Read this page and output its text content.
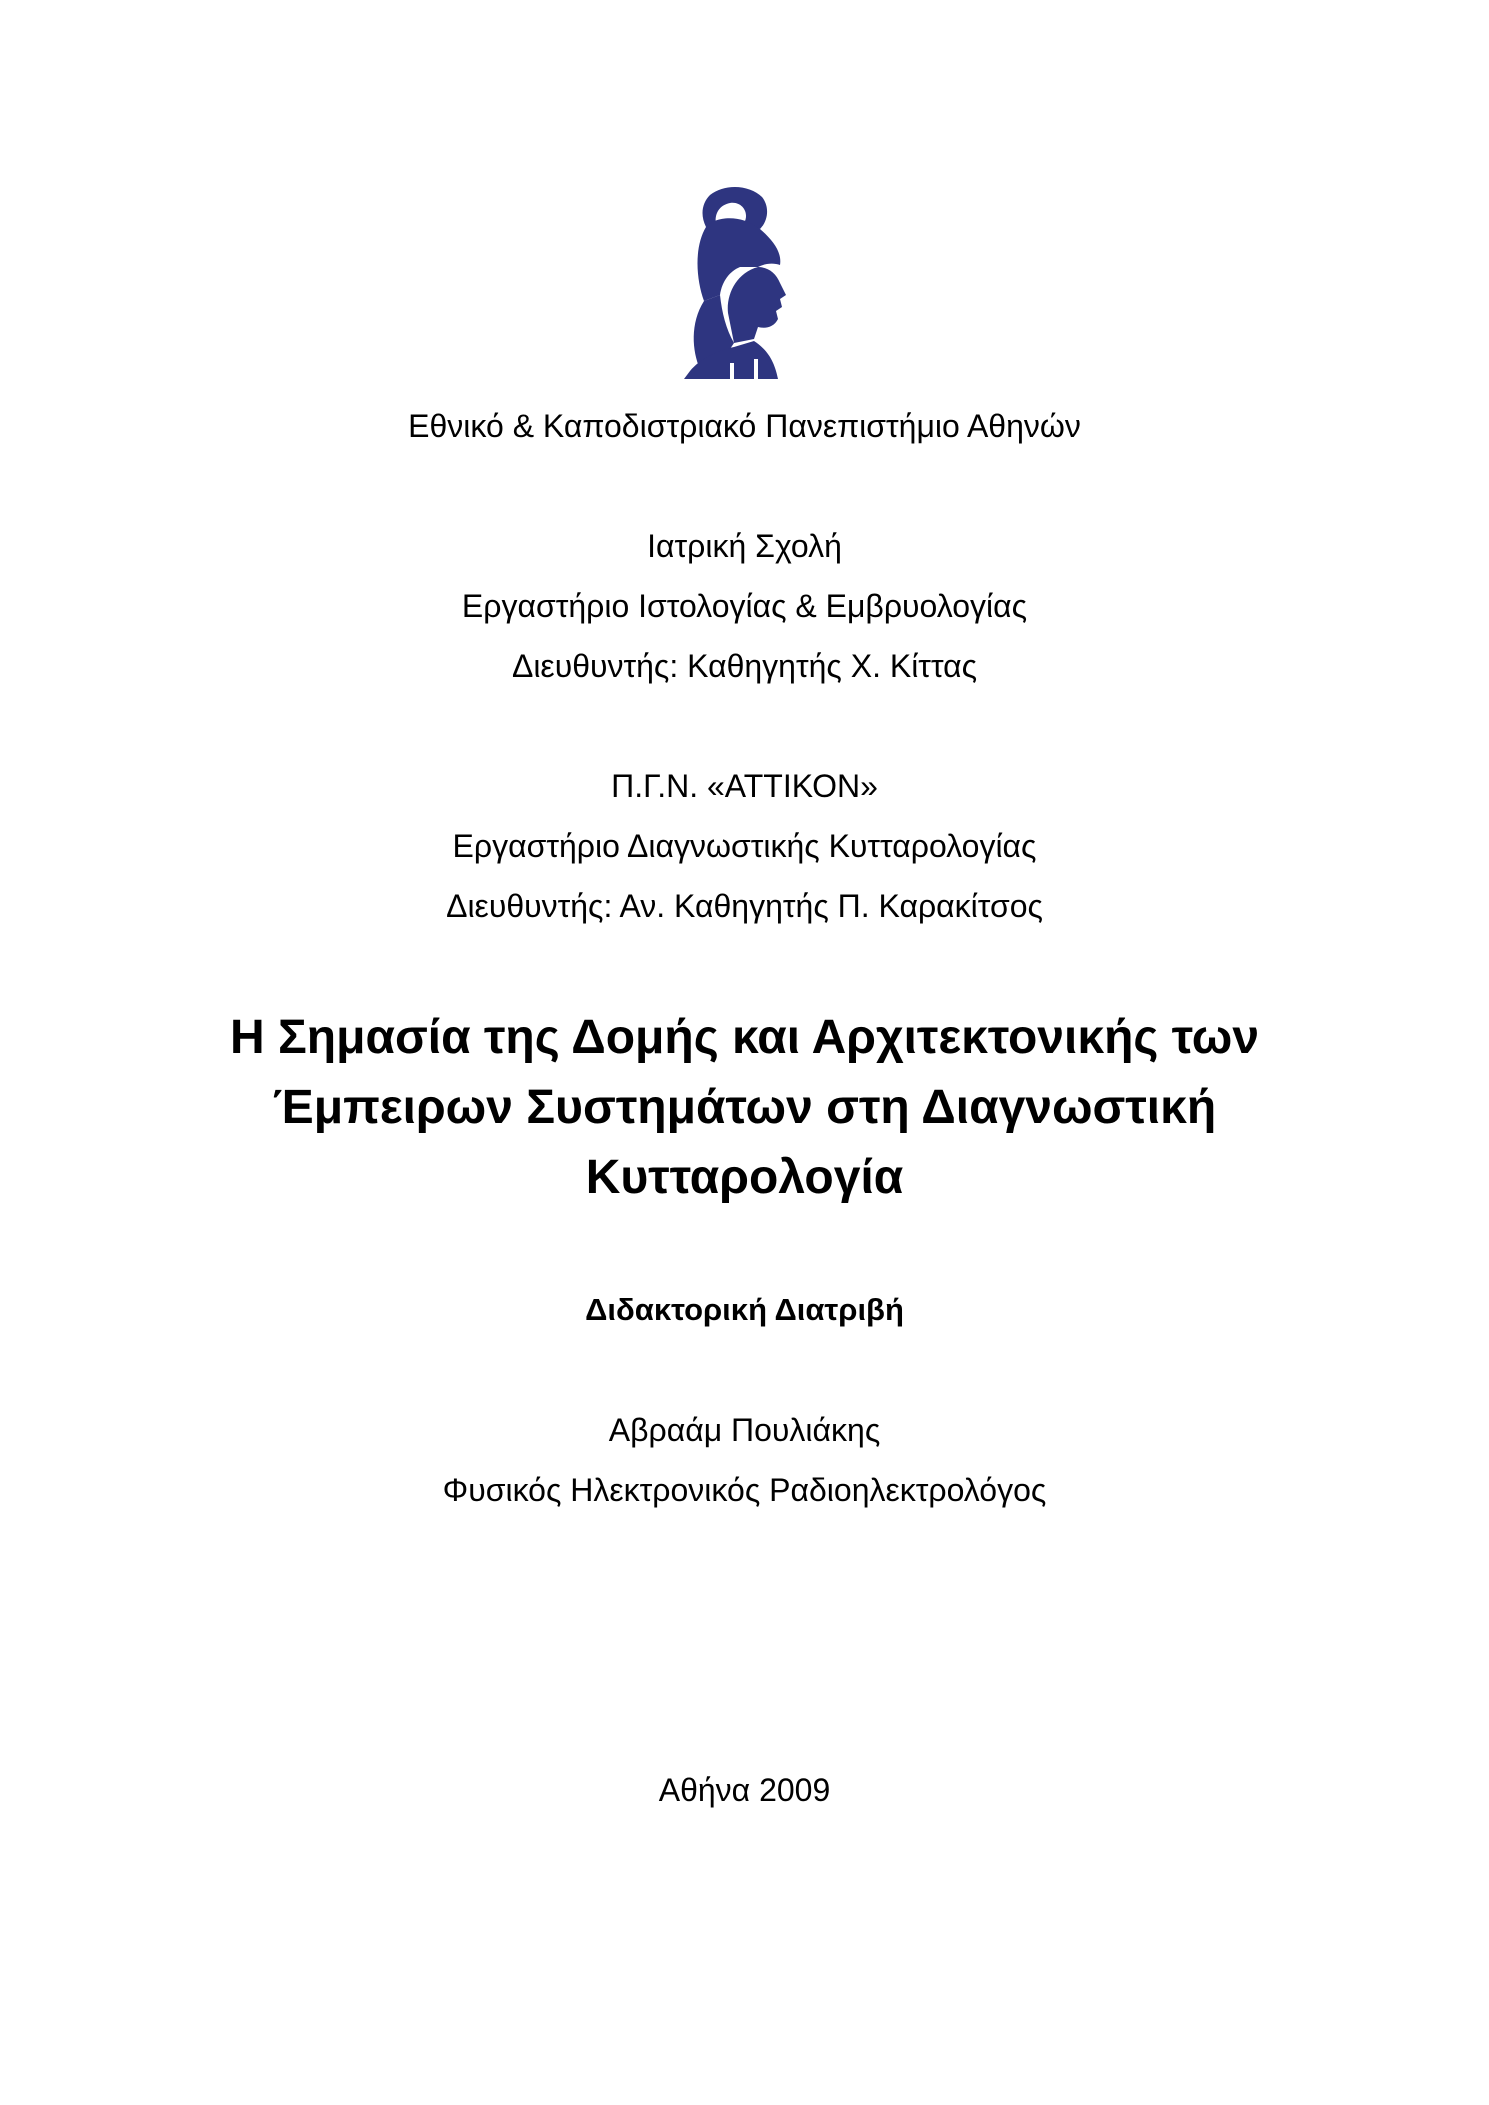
Εθνικό & Καποδιστριακό Πανεπιστήμιο Αθηνών
Ιατρική Σχολή
Εργαστήριο Ιστολογίας & Εμβρυολογίας
Διευθυντής: Καθηγητής Χ. Κίττας
Π.Γ.Ν. «ΑΤΤΙΚΟΝ»
Εργαστήριο Διαγνωστικής Κυτταρολογίας
Διευθυντής: Αν. Καθηγητής Π. Καρακίτσος
Η Σημασία της Δομής και Αρχιτεκτονικής των
Έμπειρων Συστημάτων στη Διαγνωστική
Κυτταρολογία
Διδακτορική Διατριβή
Αβραάμ Πουλιάκης
Φυσικός Ηλεκτρονικός Ραδιοηλεκτρολόγος
Αθήνα 2009
